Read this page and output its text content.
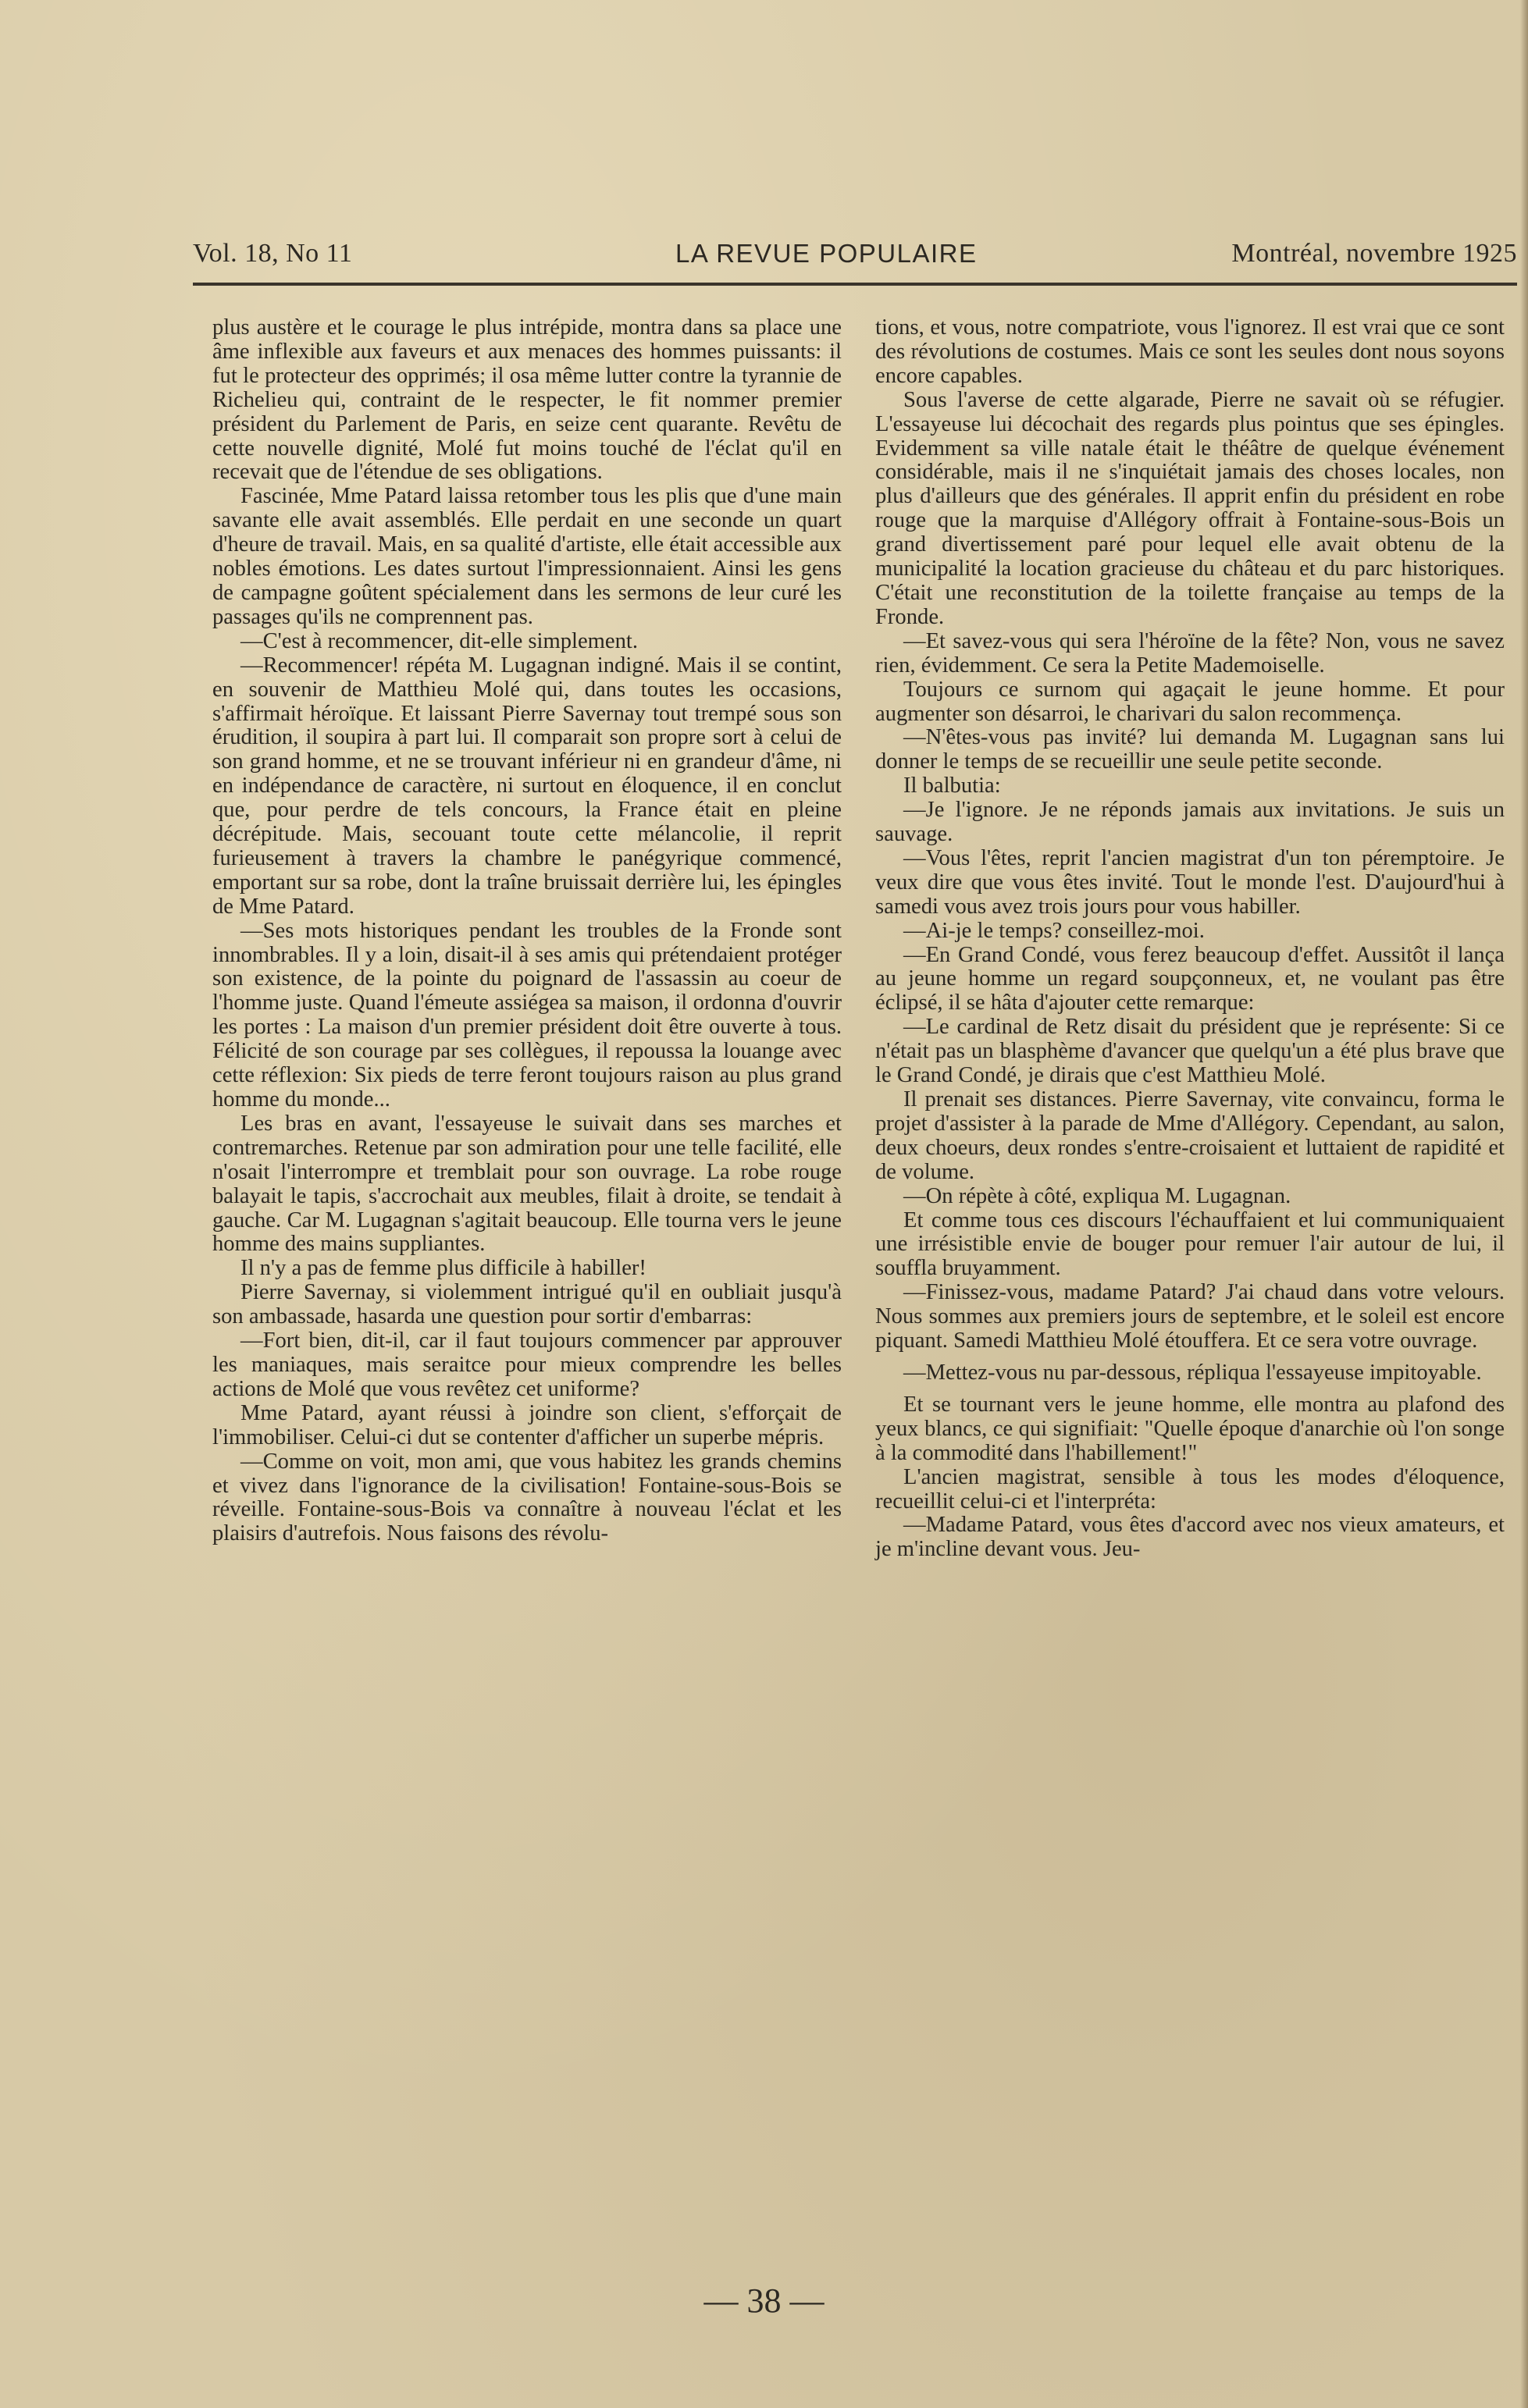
Vol. 18, No 11	LA REVUE POPULAIRE	Montréal, novembre 1925

plus austère et le courage le plus intrépide, montra dans sa place une âme inflexible aux faveurs et aux menaces des hommes puissants: il fut le protecteur des opprimés; il osa même lutter contre la tyrannie de Richelieu qui, contraint de le respecter, le fit nommer premier président du Parlement de Paris, en seize cent quarante. Revêtu de cette nouvelle dignité, Molé fut moins touché de l'éclat qu'il en recevait que de l'étendue de ses obligations.

Fascinée, Mme Patard laissa retomber tous les plis que d'une main savante elle avait assemblés. Elle perdait en une seconde un quart d'heure de travail. Mais, en sa qualité d'artiste, elle était accessible aux nobles émotions. Les dates surtout l'impressionnaient. Ainsi les gens de campagne goûtent spécialement dans les sermons de leur curé les passages qu'ils ne comprennent pas.

—C'est à recommencer, dit-elle simplement.

—Recommencer! répéta M. Lugagnan indigné. Mais il se contint, en souvenir de Matthieu Molé qui, dans toutes les occasions, s'affirmait héroïque. Et laissant Pierre Savernay tout trempé sous son érudition, il soupira à part lui. Il comparait son propre sort à celui de son grand homme, et ne se trouvant inférieur ni en grandeur d'âme, ni en indépendance de caractère, ni surtout en éloquence, il en conclut que, pour perdre de tels concours, la France était en pleine décrépitude. Mais, secouant toute cette mélancolie, il reprit furieusement à travers la chambre le panégyrique commencé, emportant sur sa robe, dont la traîne bruissait derrière lui, les épingles de Mme Patard.

—Ses mots historiques pendant les troubles de la Fronde sont innombrables. Il y a loin, disait-il à ses amis qui prétendaient protéger son existence, de la pointe du poignard de l'assassin au coeur de l'homme juste. Quand l'émeute assiégea sa maison, il ordonna d'ouvrir les portes : La maison d'un premier président doit être ouverte à tous. Félicité de son courage par ses collègues, il repoussa la louange avec cette réflexion: Six pieds de terre feront toujours raison au plus grand homme du monde...

Les bras en avant, l'essayeuse le suivait dans ses marches et contremarches. Retenue par son admiration pour une telle facilité, elle n'osait l'interrompre et tremblait pour son ouvrage. La robe rouge balayait le tapis, s'accrochait aux meubles, filait à droite, se tendait à gauche. Car M. Lugagnan s'agitait beaucoup. Elle tourna vers le jeune homme des mains suppliantes.

Il n'y a pas de femme plus difficile à habiller!

Pierre Savernay, si violemment intrigué qu'il en oubliait jusqu'à son ambassade, hasarda une question pour sortir d'embarras:

—Fort bien, dit-il, car il faut toujours commencer par approuver les maniaques, mais seraitce pour mieux comprendre les belles actions de Molé que vous revêtez cet uniforme?

Mme Patard, ayant réussi à joindre son client, s'efforçait de l'immobiliser. Celui-ci dut se contenter d'afficher un superbe mépris.

—Comme on voit, mon ami, que vous habitez les grands chemins et vivez dans l'ignorance de la civilisation! Fontaine-sous-Bois se réveille. Fontaine-sous-Bois va connaître à nouveau l'éclat et les plaisirs d'autrefois. Nous faisons des révolu-

tions, et vous, notre compatriote, vous l'ignorez. Il est vrai que ce sont des révolutions de costumes. Mais ce sont les seules dont nous soyons encore capables.

Sous l'averse de cette algarade, Pierre ne savait où se réfugier. L'essayeuse lui décochait des regards plus pointus que ses épingles. Evidemment sa ville natale était le théâtre de quelque événement considérable, mais il ne s'inquiétait jamais des choses locales, non plus d'ailleurs que des générales. Il apprit enfin du président en robe rouge que la marquise d'Allégory offrait à Fontaine-sous-Bois un grand divertissement paré pour lequel elle avait obtenu de la municipalité la location gracieuse du château et du parc historiques. C'était une reconstitution de la toilette française au temps de la Fronde.

—Et savez-vous qui sera l'héroïne de la fête? Non, vous ne savez rien, évidemment. Ce sera la Petite Mademoiselle.

Toujours ce surnom qui agaçait le jeune homme. Et pour augmenter son désarroi, le charivari du salon recommença.

—N'êtes-vous pas invité? lui demanda M. Lugagnan sans lui donner le temps de se recueillir une seule petite seconde.

Il balbutia:

—Je l'ignore. Je ne réponds jamais aux invitations. Je suis un sauvage.

—Vous l'êtes, reprit l'ancien magistrat d'un ton péremptoire. Je veux dire que vous êtes invité. Tout le monde l'est. D'aujourd'hui à samedi vous avez trois jours pour vous habiller.

—Ai-je le temps? conseillez-moi.

—En Grand Condé, vous ferez beaucoup d'effet. Aussitôt il lança au jeune homme un regard soupçonneux, et, ne voulant pas être éclipsé, il se hâta d'ajouter cette remarque:

—Le cardinal de Retz disait du président que je représente: Si ce n'était pas un blasphème d'avancer que quelqu'un a été plus brave que le Grand Condé, je dirais que c'est Matthieu Molé.

Il prenait ses distances. Pierre Savernay, vite convaincu, forma le projet d'assister à la parade de Mme d'Allégory. Cependant, au salon, deux choeurs, deux rondes s'entre-croisaient et luttaient de rapidité et de volume.

—On répète à côté, expliqua M. Lugagnan.

Et comme tous ces discours l'échauffaient et lui communiquaient une irrésistible envie de bouger pour remuer l'air autour de lui, il souffla bruyamment.

—Finissez-vous, madame Patard? J'ai chaud dans votre velours. Nous sommes aux premiers jours de septembre, et le soleil est encore piquant. Samedi Matthieu Molé étouffera. Et ce sera votre ouvrage.

—Mettez-vous nu par-dessous, répliqua l'essayeuse impitoyable.

Et se tournant vers le jeune homme, elle montra au plafond des yeux blancs, ce qui signifiait: "Quelle époque d'anarchie où l'on songe à la commodité dans l'habillement!"

L'ancien magistrat, sensible à tous les modes d'éloquence, recueillit celui-ci et l'interpréta:

—Madame Patard, vous êtes d'accord avec nos vieux amateurs, et je m'incline devant vous. Jeu-

— 38 —
